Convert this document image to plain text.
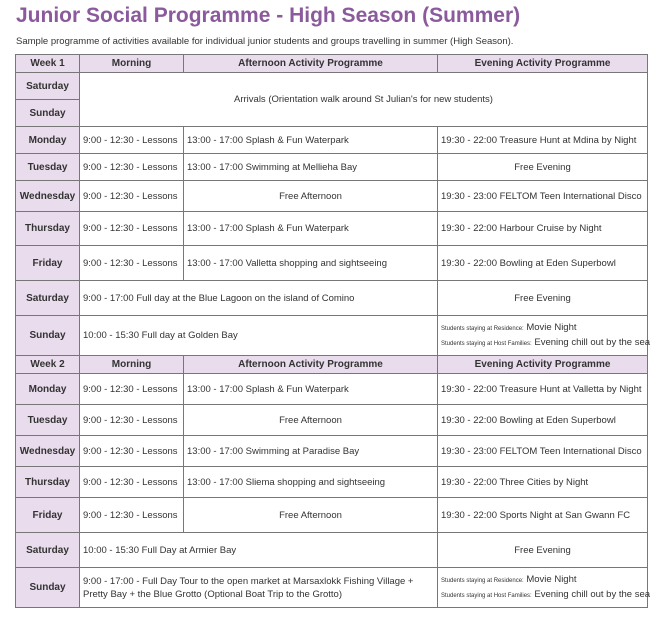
Junior Social Programme - High Season (Summer)
Sample programme of activities available for individual junior students and groups travelling in summer (High Season).
Week 1	Morning	Afternoon Activity Programme	Evening Activity Programme
Saturday	Arrivals (Orientation walk around St Julian's for new students)		
Sunday			
Monday	9:00 - 12:30 - Lessons	13:00 - 17:00 Splash & Fun Waterpark	19:30 - 22:00 Treasure Hunt at Mdina by Night
Tuesday	9:00 - 12:30 - Lessons	13:00 - 17:00 Swimming at Mellieha Bay	Free Evening
Wednesday	9:00 - 12:30 - Lessons	Free Afternoon	19:30 - 23:00 FELTOM Teen International Disco
Thursday	9:00 - 12:30 - Lessons	13:00 - 17:00 Splash & Fun Waterpark	19:30 - 22:00 Harbour Cruise by Night
Friday	9:00 - 12:30 - Lessons	13:00 - 17:00 Valletta shopping and sightseeing	19:30 - 22:00 Bowling at Eden Superbowl
Saturday	9:00 - 17:00 Full day at the Blue Lagoon on the island of Comino		Free Evening
Sunday	10:00 - 15:30 Full day at Golden Bay		Students staying at Residence: Movie Night
Students staying at Host Families: Evening chill out by the sea

Week 2	Morning	Afternoon Activity Programme	Evening Activity Programme
Monday	9:00 - 12:30 - Lessons	13:00 - 17:00 Splash & Fun Waterpark	19:30 - 22:00 Treasure Hunt at Valletta by Night
Tuesday	9:00 - 12:30 - Lessons	Free Afternoon	19:30 - 22:00 Bowling at Eden Superbowl
Wednesday	9:00 - 12:30 - Lessons	13:00 - 17:00 Swimming at Paradise Bay	19:30 - 23:00 FELTOM Teen International Disco
Thursday	9:00 - 12:30 - Lessons	13:00 - 17:00 Sliema shopping and sightseeing	19:30 - 22:00 Three Cities by Night
Friday	9:00 - 12:30 - Lessons	Free Afternoon	19:30 - 22:00 Sports Night at San Gwann FC
Saturday	10:00 - 15:30 Full Day at Armier Bay		Free Evening
Sunday	9:00 - 17:00 - Full Day Tour to the open market at Marsaxlokk Fishing Village + Pretty Bay + the Blue Grotto (Optional Boat Trip to the Grotto)		Students staying at Residence: Movie Night
Students staying at Host Families: Evening chill out by the sea
